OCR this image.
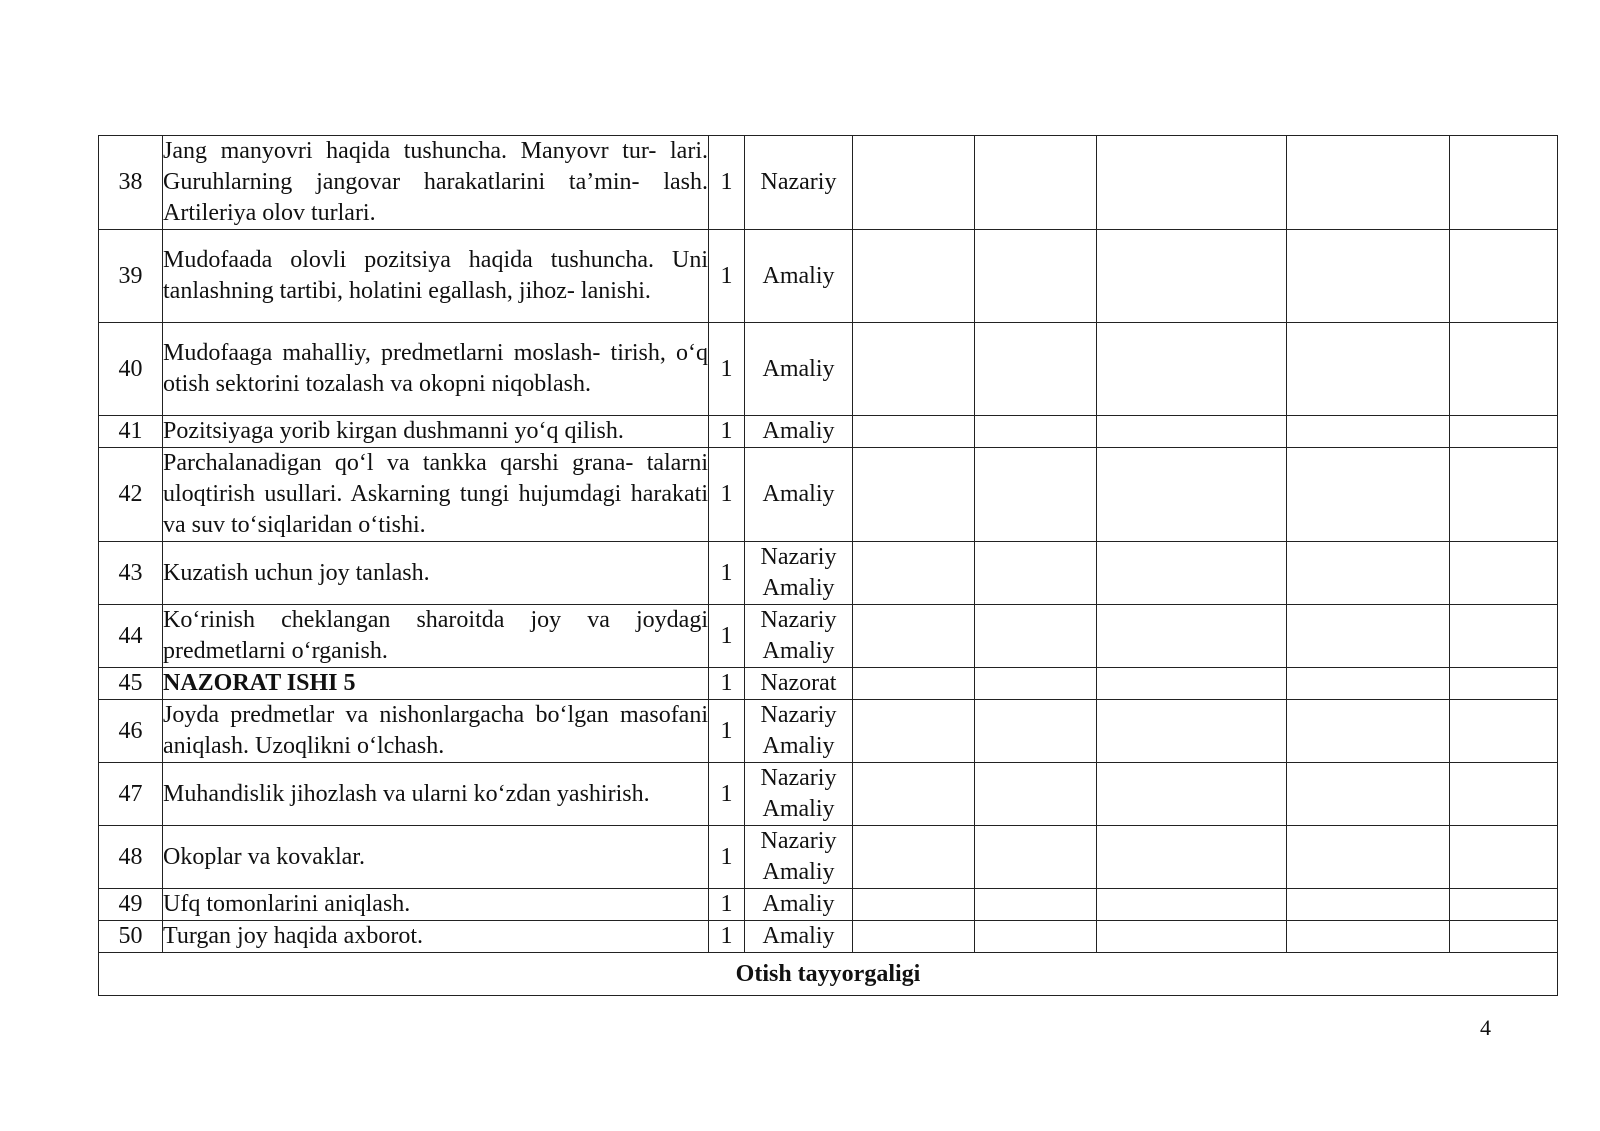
38	Jang manyovri haqida tushuncha. Manyovr tur- lari. Guruhlarning jangovar harakatlarini ta’min- lash. Artileriya olov turlari.	1	Nazariy					

39	Mudofaada olovli pozitsiya haqida tushuncha. Uni tanlashning tartibi, holatini egallash, jihoz- lanishi.	1	Amaliy					

40	Mudofaaga mahalliy, predmetlarni moslash- tirish, o‘q otish sektorini tozalash va okopni niqoblash.	1	Amaliy					

41	Pozitsiyaga yorib kirgan dushmanni yo‘q qilish.	1	Amaliy					

42	Parchalanadigan qo‘l va tankka qarshi grana- talarni uloqtirish usullari. Askarning tungi hujumdagi harakati va suv to‘siqlaridan o‘tishi.	1	Amaliy					

43	Kuzatish uchun joy tanlash.	1	Nazariy
Amaliy					

44	Ko‘rinish cheklangan sharoitda joy va joydagi predmetlarni o‘rganish.	1	Nazariy
Amaliy					

45	NAZORAT ISHI 5	1	Nazorat					

46	Joyda predmetlar va nishonlargacha bo‘lgan masofani aniqlash. Uzoqlikni o‘lchash.	1	Nazariy
Amaliy					

47	Muhandislik jihozlash va ularni ko‘zdan yashirish.	1	Nazariy
Amaliy					

48	Okoplar va kovaklar.	1	Nazariy
Amaliy					

49	Ufq tomonlarini aniqlash.	1	Amaliy					

50	Turgan joy haqida axborot.	1	Amaliy					

Otish tayyorgaligi								
4
